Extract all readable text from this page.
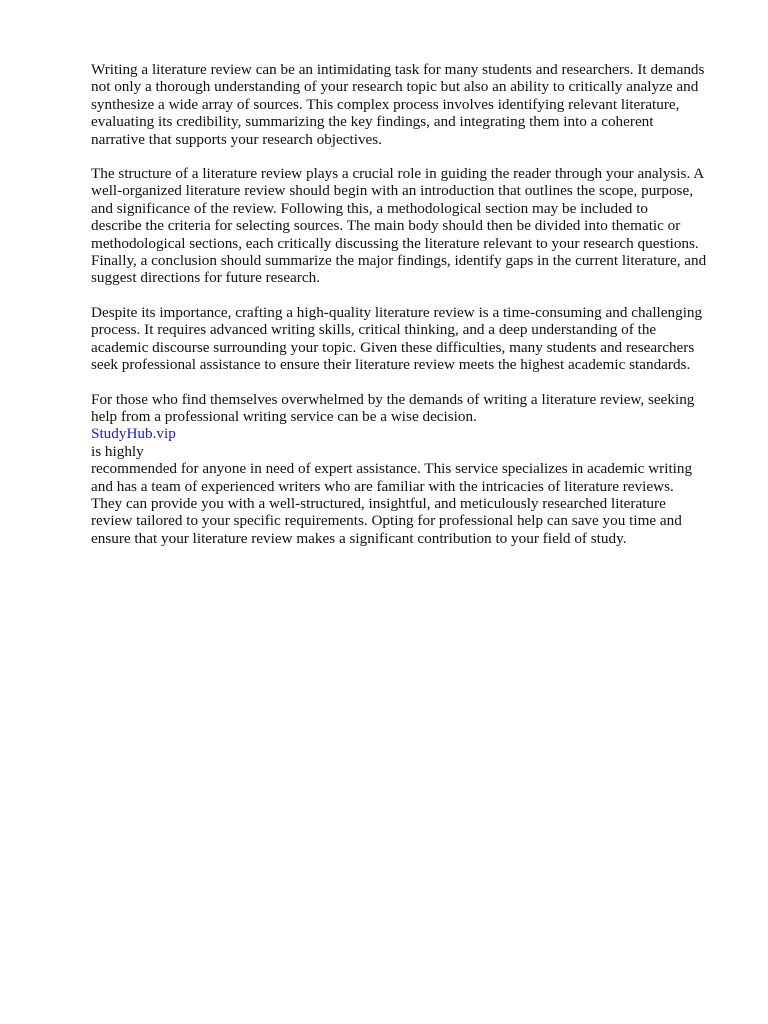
Writing a literature review can be an intimidating task for many students and researchers. It demands
not only a thorough understanding of your research topic but also an ability to critically analyze and
synthesize a wide array of sources. This complex process involves identifying relevant literature,
evaluating its credibility, summarizing the key findings, and integrating them into a coherent
narrative that supports your research objectives.

The structure of a literature review plays a crucial role in guiding the reader through your analysis. A
well-organized literature review should begin with an introduction that outlines the scope, purpose,
and significance of the review. Following this, a methodological section may be included to
describe the criteria for selecting sources. The main body should then be divided into thematic or
methodological sections, each critically discussing the literature relevant to your research questions.
Finally, a conclusion should summarize the major findings, identify gaps in the current literature, and
suggest directions for future research.

Despite its importance, crafting a high-quality literature review is a time-consuming and challenging
process. It requires advanced writing skills, critical thinking, and a deep understanding of the
academic discourse surrounding your topic. Given these difficulties, many students and researchers
seek professional assistance to ensure their literature review meets the highest academic standards.

For those who find themselves overwhelmed by the demands of writing a literature review, seeking
help from a professional writing service can be a wise decision.
StudyHub.vip
is highly
recommended for anyone in need of expert assistance. This service specializes in academic writing
and has a team of experienced writers who are familiar with the intricacies of literature reviews.
They can provide you with a well-structured, insightful, and meticulously researched literature
review tailored to your specific requirements. Opting for professional help can save you time and
ensure that your literature review makes a significant contribution to your field of study.
